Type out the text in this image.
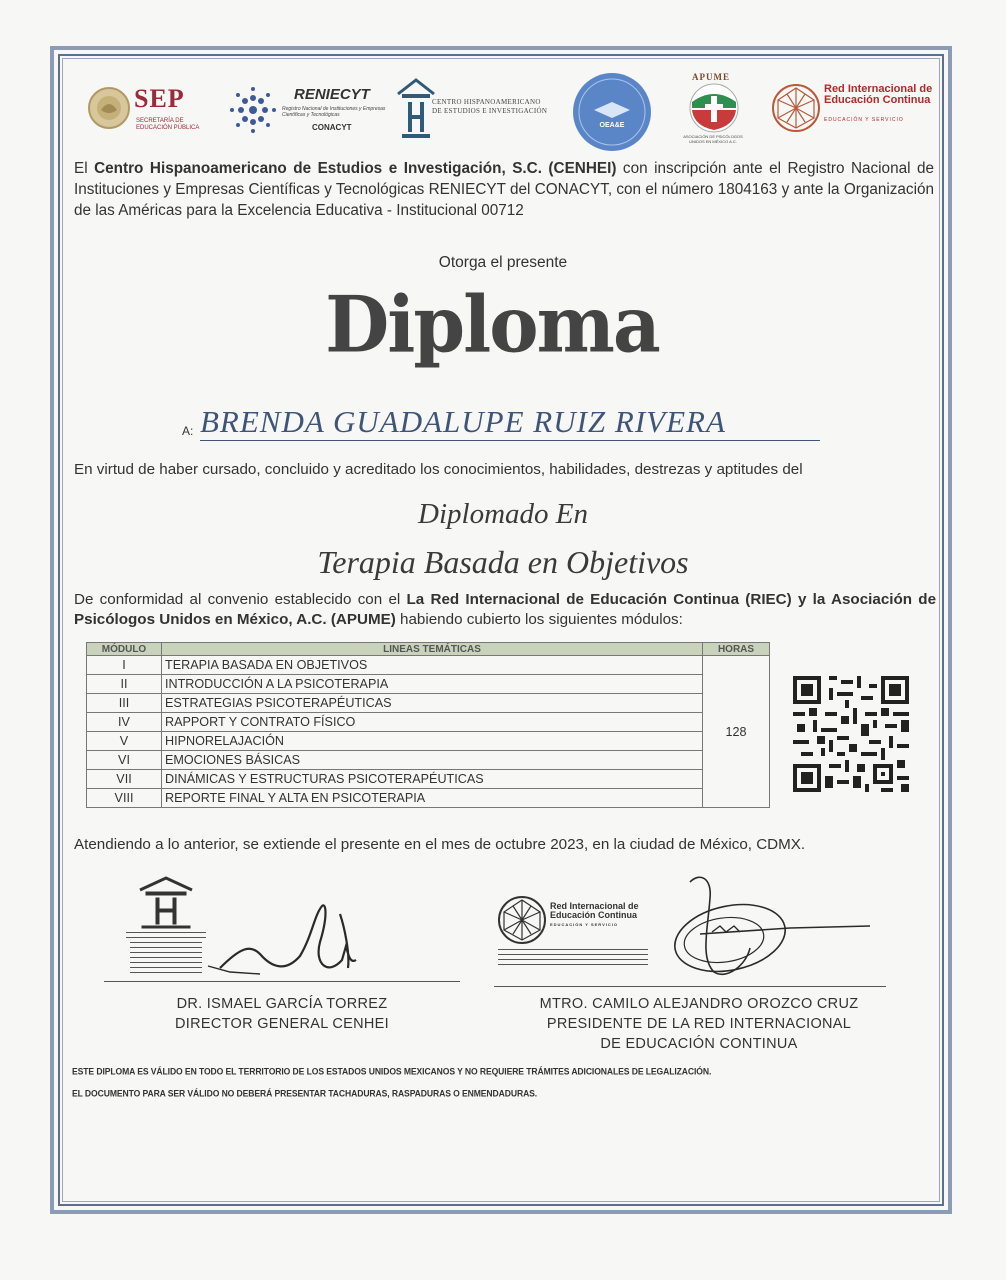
SEP
SECRETARÍA DE EDUCACIÓN PÚBLICA
RENIECYT
Registro Nacional de Instituciones y Empresas Científicas y Tecnológicas
CONACYT
CENTRO HISPANOAMERICANO DE ESTUDIOS E INVESTIGACIÓN
OEA&E
APUME
ASOCIACIÓN DE PSICÓLOGOS UNIDOS EN MÉXICO A.C.
Red Internacional de Educación Continua
EDUCACIÓN Y SERVICIO
El Centro Hispanoamericano de Estudios e Investigación, S.C. (CENHEI) con inscripción ante el Registro Nacional de Instituciones y Empresas Científicas y Tecnológicas RENIECYT del CONACYT, con el número 1804163 y ante la Organización de las Américas para la Excelencia Educativa - Institucional 00712
Otorga el presente
Diploma
A: BRENDA GUADALUPE RUIZ RIVERA
En virtud de haber cursado, concluido y acreditado los conocimientos, habilidades, destrezas y aptitudes del
Diplomado En
Terapia Basada en Objetivos
De conformidad al convenio establecido con el La Red Internacional de Educación Continua (RIEC) y la Asociación de Psicólogos Unidos en México, A.C. (APUME) habiendo cubierto los siguientes módulos:
MÓDULO	LINEAS TEMÁTICAS	HORAS
I	TERAPIA BASADA EN OBJETIVOS	128
II	INTRODUCCIÓN A LA PSICOTERAPIA	
III	ESTRATEGIAS PSICOTERAPÉUTICAS	
IV	RAPPORT Y CONTRATO FÍSICO	
V	HIPNORELAJACIÓN	
VI	EMOCIONES BÁSICAS	
VII	DINÁMICAS Y ESTRUCTURAS PSICOTERAPÉUTICAS	
VIII	REPORTE FINAL Y ALTA EN PSICOTERAPIA	
Atendiendo a lo anterior, se extiende el presente en el mes de octubre 2023, en la ciudad de México, CDMX.
Red Internacional de Educación Continua
EDUCACIÓN Y SERVICIO
DR. ISMAEL GARCÍA TORREZ
DIRECTOR GENERAL CENHEI
MTRO. CAMILO ALEJANDRO OROZCO CRUZ
PRESIDENTE DE LA RED INTERNACIONAL
DE EDUCACIÓN CONTINUA
ESTE DIPLOMA ES VÁLIDO EN TODO EL TERRITORIO DE LOS ESTADOS UNIDOS MEXICANOS Y NO REQUIERE TRÁMITES ADICIONALES DE LEGALIZACIÓN.
EL DOCUMENTO PARA SER VÁLIDO NO DEBERÁ PRESENTAR TACHADURAS, RASPADURAS O ENMENDADURAS.
